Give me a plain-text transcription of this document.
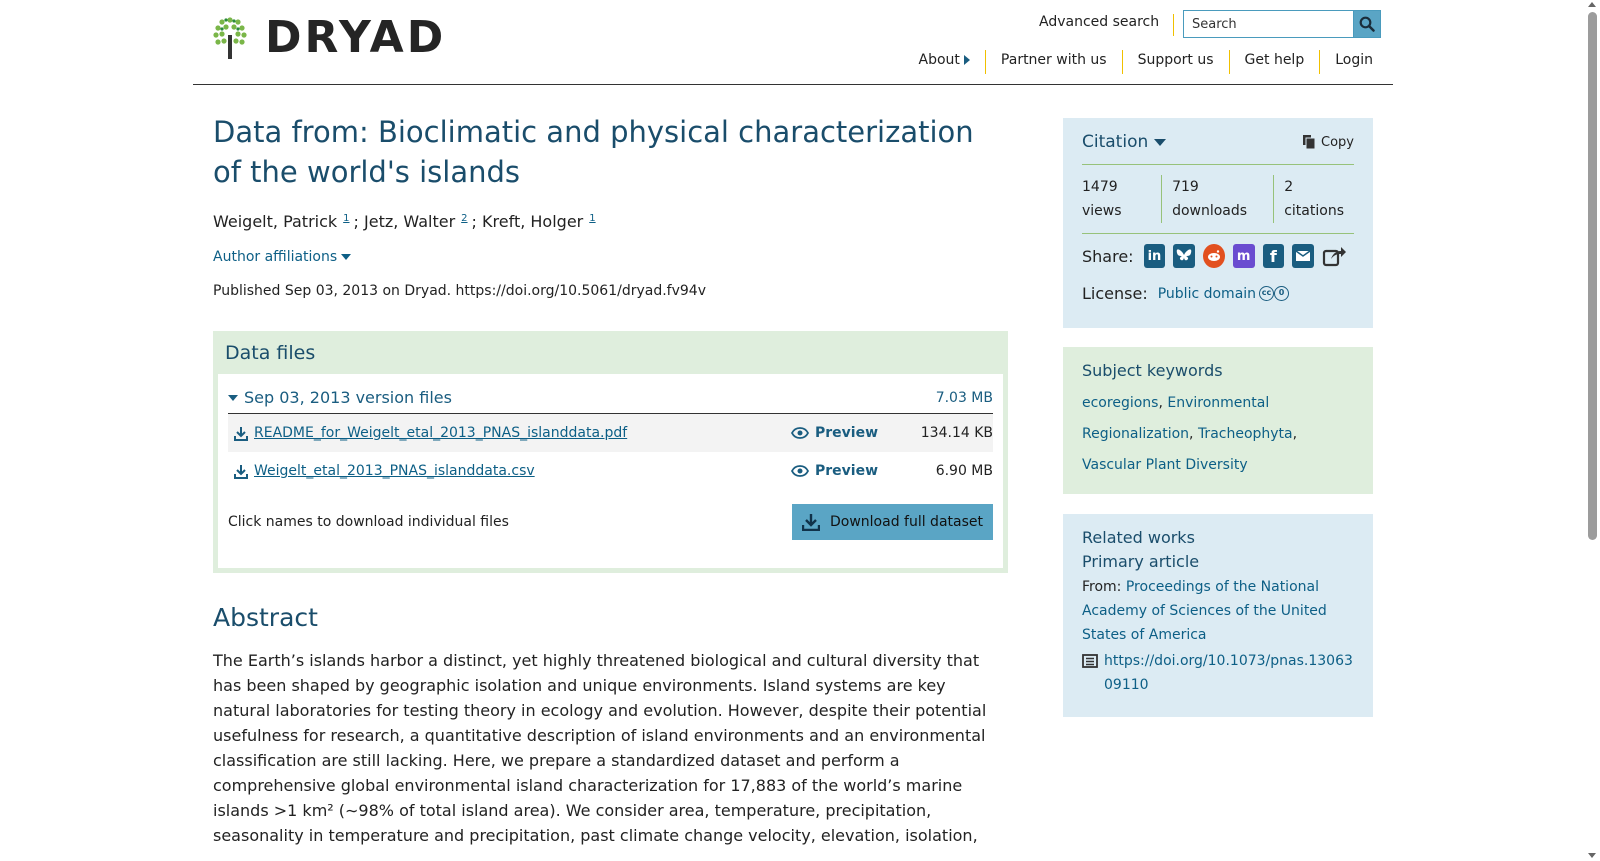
DRYAD	Advanced search
Search
About	Partner with us	Support us	Get help	Login
Data from: Bioclimatic and physical characterization of the world's islands
Weigelt, Patrick $^1$ ; Jetz, Walter $^2$ ; Kreft, Holger $^1$
Author affiliations
Published Sep 03, 2013 on Dryad. https://doi.org/10.5061/dryad.fv94v
Data files
Sep 03, 2013 version files	7.03 MB
README_for_Weigelt_etal_2013_PNAS_islanddata.pdf	Preview	134.14 KB
Weigelt_etal_2013_PNAS_islanddata.csv	Preview	6.90 MB
Click names to download individual files	Download full dataset
Abstract

The Earth’s islands harbor a distinct, yet highly threatened biological and cultural diversity that has been shaped by geographic isolation and unique environments. Island systems are key natural laboratories for testing theory in ecology and evolution. However, despite their potential usefulness for research, a quantitative description of island environments and an environmental classification are still lacking. Here, we prepare a standardized dataset and perform a comprehensive global environmental island characterization for 17,883 of the world’s marine islands >1 km² (∼98% of total island area). We consider area, temperature, precipitation, seasonality in temperature and precipitation, past climate change velocity, elevation, isolation,

Citation	Copy
1479
views
719
downloads
2
citations
Share:	in	m	f
License: Public domain cc 0
Subject keywords
ecoregions, Environmental Regionalization, Tracheophyta, Vascular Plant Diversity
Related works
Primary article
From: Proceedings of the National Academy of Sciences of the United States of America
https://doi.org/10.1073/pnas.1306309110
